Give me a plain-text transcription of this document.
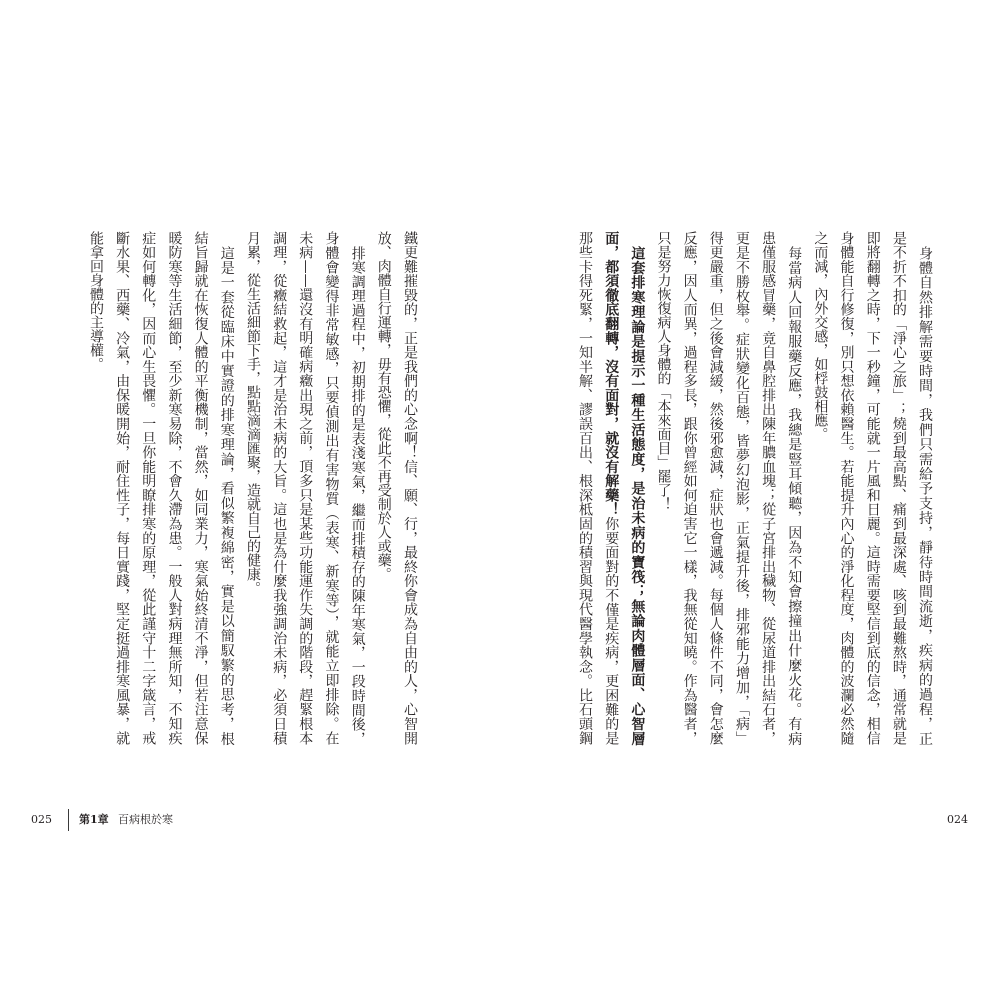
鐵更難摧毀的，正是我們的心念啊！信、願、行，最終你會成為自由的人，心智開
放、肉體自行運轉，毋有恐懼，從此不再受制於人或藥。
排寒調理過程中，初期排的是表淺寒氣，繼而排積存的陳年寒氣，一段時間後，
身體會變得非常敏感，只要偵測出有害物質（表寒、新寒等），就能立即排除。在
未病——還沒有明確病癥出現之前，頂多只是某些功能運作失調的階段，趕緊根本
調理，從癥結救起，這才是治未病的大旨。這也是為什麼我強調治未病，必須日積
月累，從生活細節下手，點點滴滴匯聚，造就自己的健康。
這是一套從臨床中實證的排寒理論，看似繁複綿密，實是以簡馭繁的思考，根
結旨歸就在恢復人體的平衡機制，當然，如同業力，寒氣始終清不淨，但若注意保
暖防寒等生活細節，至少新寒易除，不會久滯為患。一般人對病理無所知，不知疾
症如何轉化，因而心生畏懼。一旦你能明瞭排寒的原理，從此謹守十二字箴言，戒
斷水果、西藥、冷氣，由保暖開始，耐住性子，每日實踐，堅定挺過排寒風暴，就
能拿回身體的主導權。
025 第1章 百病根於寒
身體自然排解需要時間，我們只需給予支持，靜待時間流逝，疾病的過程，正
是不折不扣的「淨心之旅」；燒到最高點、痛到最深處、咳到最難熬時，通常就是
即將翻轉之時，下一秒鐘，可能就一片風和日麗。這時需要堅信到底的信念，相信
身體能自行修復，別只想依賴醫生。若能提升內心的淨化程度，肉體的波瀾必然隨
之而減，內外交感，如桴鼓相應。
每當病人回報服藥反應，我總是豎耳傾聽，因為不知會擦撞出什麼火花。有病
患僅服感冒藥，竟自鼻腔排出陳年膿血塊；從子宮排出穢物、從尿道排出結石者，
更是不勝枚舉。症狀變化百態，皆夢幻泡影，正氣提升後，排邪能力增加，「病」
得更嚴重，但之後會減緩，然後邪愈減，症狀也會遞減。每個人條件不同，會怎麼
反應，因人而異，過程多長，跟你曾經如何迫害它一樣，我無從知曉。作為醫者，
只是努力恢復病人身體的「本來面目」罷了！
這套排寒理論是提示一種生活態度，是治未病的寶筏；無論肉體層面、心智層
面，都須徹底翻轉，沒有面對，就沒有解藥！你要面對的不僅是疾病，更困難的是
那些卡得死緊，一知半解、謬誤百出、根深柢固的積習與現代醫學執念。比石頭鋼
024
